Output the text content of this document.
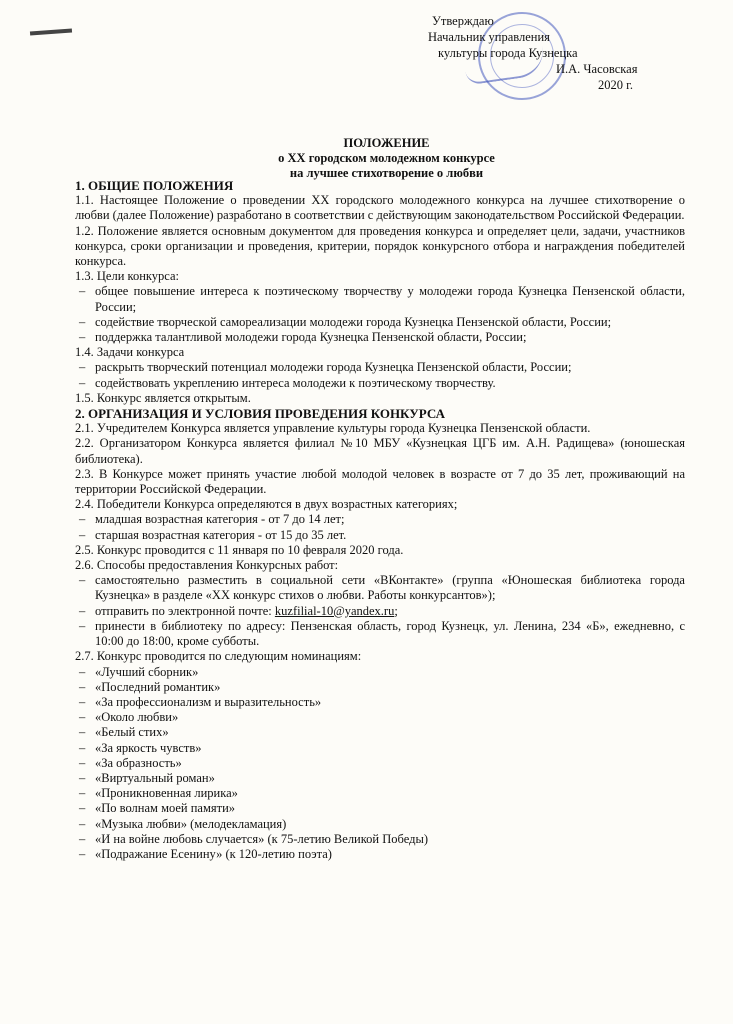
Утверждаю
Начальник управления
культуры города Кузнецка
И.А. Часовская
2020 г.
ПОЛОЖЕНИЕ
о XX городском молодежном конкурсе
на лучшее стихотворение о любви
1. ОБЩИЕ ПОЛОЖЕНИЯ

1.1. Настоящее Положение о проведении XX городского молодежного конкурса на лучшее стихотворение о любви (далее Положение) разработано в соответствии с действующим законодательством Российской Федерации.

1.2. Положение является основным документом для проведения конкурса и определяет цели, задачи, участников конкурса, сроки организации и проведения, критерии, порядок конкурсного отбора и награждения победителей конкурса.

1.3. Цели конкурса:

– общее повышение интереса к поэтическому творчеству у молодежи города Кузнецка Пензенской области, России;
– содействие творческой самореализации молодежи города Кузнецка Пензенской области, России;
– поддержка талантливой молодежи города Кузнецка Пензенской области, России;

1.4. Задачи конкурса

– раскрыть творческий потенциал молодежи города Кузнецка Пензенской области, России;
– содействовать укреплению интереса молодежи к поэтическому творчеству.

1.5. Конкурс является открытым.

2. ОРГАНИЗАЦИЯ И УСЛОВИЯ ПРОВЕДЕНИЯ КОНКУРСА

2.1. Учредителем Конкурса является управление культуры города Кузнецка Пензенской области.

2.2. Организатором Конкурса является филиал №10 МБУ «Кузнецкая ЦГБ им. А.Н. Радищева» (юношеская библиотека).

2.3. В Конкурсе может принять участие любой молодой человек в возрасте от 7 до 35 лет, проживающий на территории Российской Федерации.

2.4. Победители Конкурса определяются в двух возрастных категориях;

– младшая возрастная категория - от 7 до 14 лет;
– старшая возрастная категория - от 15 до 35 лет.

2.5. Конкурс проводится с 11 января по 10 февраля 2020 года.

2.6. Способы предоставления Конкурсных работ:

– самостоятельно разместить в социальной сети «ВКонтакте» (группа «Юношеская библиотека города Кузнецка» в разделе «XX конкурс стихов о любви. Работы конкурсантов»);
– отправить по электронной почте: kuzfilial-10@yandex.ru;
– принести в библиотеку по адресу: Пензенская область, город Кузнецк, ул. Ленина, 234 «Б», ежедневно, с 10:00 до 18:00, кроме субботы.

2.7. Конкурс проводится по следующим номинациям:

– «Лучший сборник»
– «Последний романтик»
– «За профессионализм и выразительность»
– «Около любви»
– «Белый стих»
– «За яркость чувств»
– «За образность»
– «Виртуальный роман»
– «Проникновенная лирика»
– «По волнам моей памяти»
– «Музыка любви» (мелодекламация)
– «И на войне любовь случается» (к 75-летию Великой Победы)
– «Подражание Есенину» (к 120-летию поэта)
